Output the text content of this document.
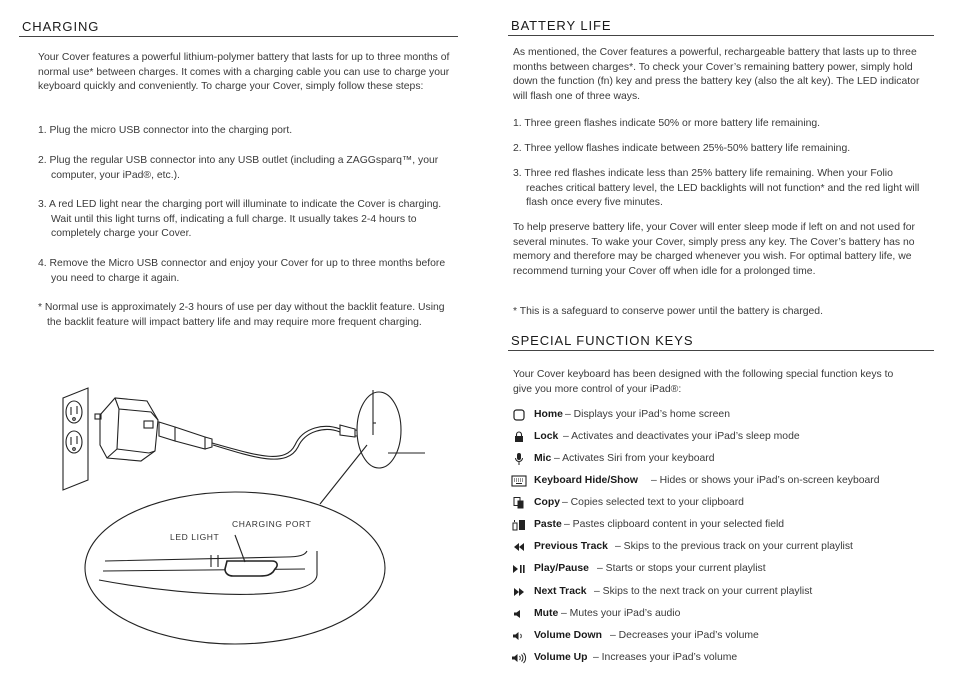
CHARGING
Your Cover features a powerful lithium-polymer battery that lasts for up to three months of normal use* between charges. It comes with a charging cable you can use to charge your keyboard quickly and conveniently. To charge your Cover, simply follow these steps:
1. Plug the micro USB connector into the charging port.
2. Plug the regular USB connector into any USB outlet (including a ZAGGsparq™, your computer, your iPad®, etc.).
3. A red LED light near the charging port will illuminate to indicate the Cover is charging. Wait until this light turns off, indicating a full charge. It usually takes 2-4 hours to completely charge your Cover.
4. Remove the Micro USB connector and enjoy your Cover for up to three months before you need to charge it again.
* Normal use is approximately 2-3 hours of use per day without the backlit feature. Using the backlit feature will impact battery life and may require more frequent charging.
LED LIGHT
CHARGING PORT
BATTERY LIFE
As mentioned, the Cover features a powerful, rechargeable battery that lasts up to three months between charges*. To check your Cover’s remaining battery power, simply hold down the function (fn) key and press the battery key (also the alt key). The LED indicator will flash one of three ways.
1. Three green flashes indicate 50% or more battery life remaining.
2. Three yellow flashes indicate between 25%-50% battery life remaining.
3. Three red flashes indicate less than 25% battery life remaining. When your Folio reaches critical battery level, the LED backlights will not function* and the red light will flash once every five minutes.
To help preserve battery life, your Cover will enter sleep mode if left on and not used for several minutes. To wake your Cover, simply press any key. The Cover’s battery has no memory and therefore may be charged whenever you wish. For optimal battery life, we recommend turning your Cover off when idle for a prolonged time.
* This is a safeguard to conserve power until the battery is charged.
SPECIAL FUNCTION KEYS
Your Cover keyboard has been designed with the following special function keys to give you more control of your iPad®:
Home – Displays your iPad’s home screen
Lock – Activates and deactivates your iPad’s sleep mode
Mic – Activates Siri from your keyboard
Keyboard Hide/Show – Hides or shows your iPad’s on-screen keyboard
Copy – Copies selected text to your clipboard
Paste – Pastes clipboard content in your selected field
Previous Track – Skips to the previous track on your current playlist
Play/Pause – Starts or stops your current playlist
Next Track – Skips to the next track on your current playlist
Mute – Mutes your iPad’s audio
Volume Down – Decreases your iPad’s volume
Volume Up – Increases your iPad’s volume
